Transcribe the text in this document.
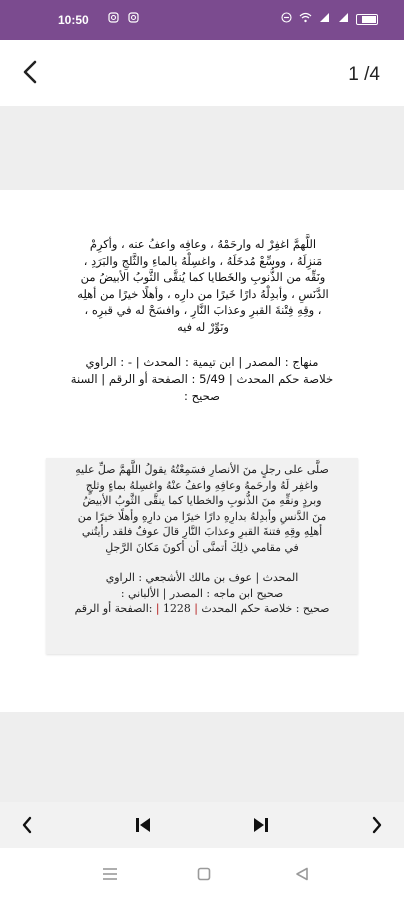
10:50

1 /4
اللَّهمَّ اغفِرْ له وارحَمْهُ ، وعافِه واعفُ عنه ، وأكرِمْ
مَنزِلَهُ ، ووسِّعْ مُدخَلَهُ ، واغسِلْهُ بالماءِ والثَّلجِ والبَرَدِ ،
ونَقِّه من الذُّنوبِ والخَطايا كما يُنقَّى الثَّوبُ الأبيضُ من
الدَّنَسِ ، وأبدِلْهُ دارًا خَيرًا من دارِه ، وأهلًا خيرًا من أهلِه
، وقِهِ فِتْنةَ القبرِ وعذابَ النَّارِ ، وافسَحْ له في قبرِه ،
ونَوِّرْ له فيه
منهاج : المصدر | ابن تيمية : المحدث | - : الراوي
خلاصة حكم المحدث | 5/49 : الصفحة أو الرقم | السنة
صحيح :
صلَّى على رجلٍ منَ الأنصارِ فسَمِعْتُهُ يقولُ اللَّهمَّ صلِّ عليهِ
واغفِر لَهُ وارحَمهُ وعافِهِ واعفُ عنْهُ واغسِلهُ بماءٍ وثلجٍ
وبردٍ ونقِّهِ منَ الذُّنوبِ والخطايا كما ينقَّى الثَّوبُ الأبيضُ
منَ الدَّنسِ وأبدِلهُ بدارِهِ دارًا خيرًا من دارِهِ وأهلًا خيرًا من
أهلِهِ وقِهِ فتنةَ القبرِ وعذابَ النَّارِ قالَ عوفٌ فلقد رأيتُني
في مقامي ذلِكَ أتمنَّى أن أكونَ مَكانَ الرَّجلِ
المحدث | عوف بن مالك الأشجعي : الراوي
صحيح ابن ماجه : المصدر | الألباني :
صحيح : خلاصة حكم المحدث | 1228 | :الصفحة أو الرقم
